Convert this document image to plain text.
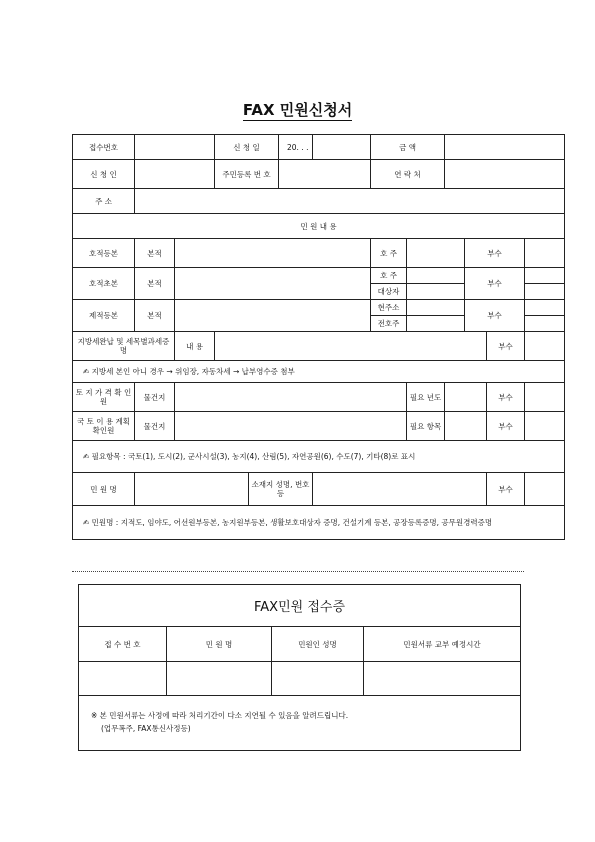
FAX 민원신청서
접수번호			신 청 일		20. . .		금 액					
신 청 인			주민등록 번 호				연 락 처					
주 소												
민 원 내 용												
호적등본	본적						호 주			부수		
호적초본	본적						호 주			부수		
							대상자					
제적등본	본적						현주소			부수		
							전호주					
지방세완납 및 세목별과세증명		내 용									부수	
✍ 지방세 본인 아니 경우 → 위임장, 자동차세 → 납부영수증 첨부												
토 지 가 격 확 인 원	물건지							필요 년도			부수	
국 토 이 용 계획확인원	물건지							필요 항목			부수	
✍ 필요항목 : 국토(1), 도시(2), 군사시설(3), 농지(4), 산림(5), 자연공원(6), 수도(7), 기타(8)로 표시												
민 원 명				소재지 성명, 번호등							부수	
✍ 민원명 : 지적도, 임야도, 어선원부등본, 농지원부등본, 생활보호대상자 증명, 건설기계 등본, 공장등록증명, 공무원경력증명												
FAX민원 접수증			
접 수 번 호	민 원 명	민원인 성명	민원서류 교부 예정시간

※ 본 민원서류는 사정에 따라 처리기간이 다소 지연될 수 있음을 알려드립니다.
(업무폭주, FAX통신사정등)			
